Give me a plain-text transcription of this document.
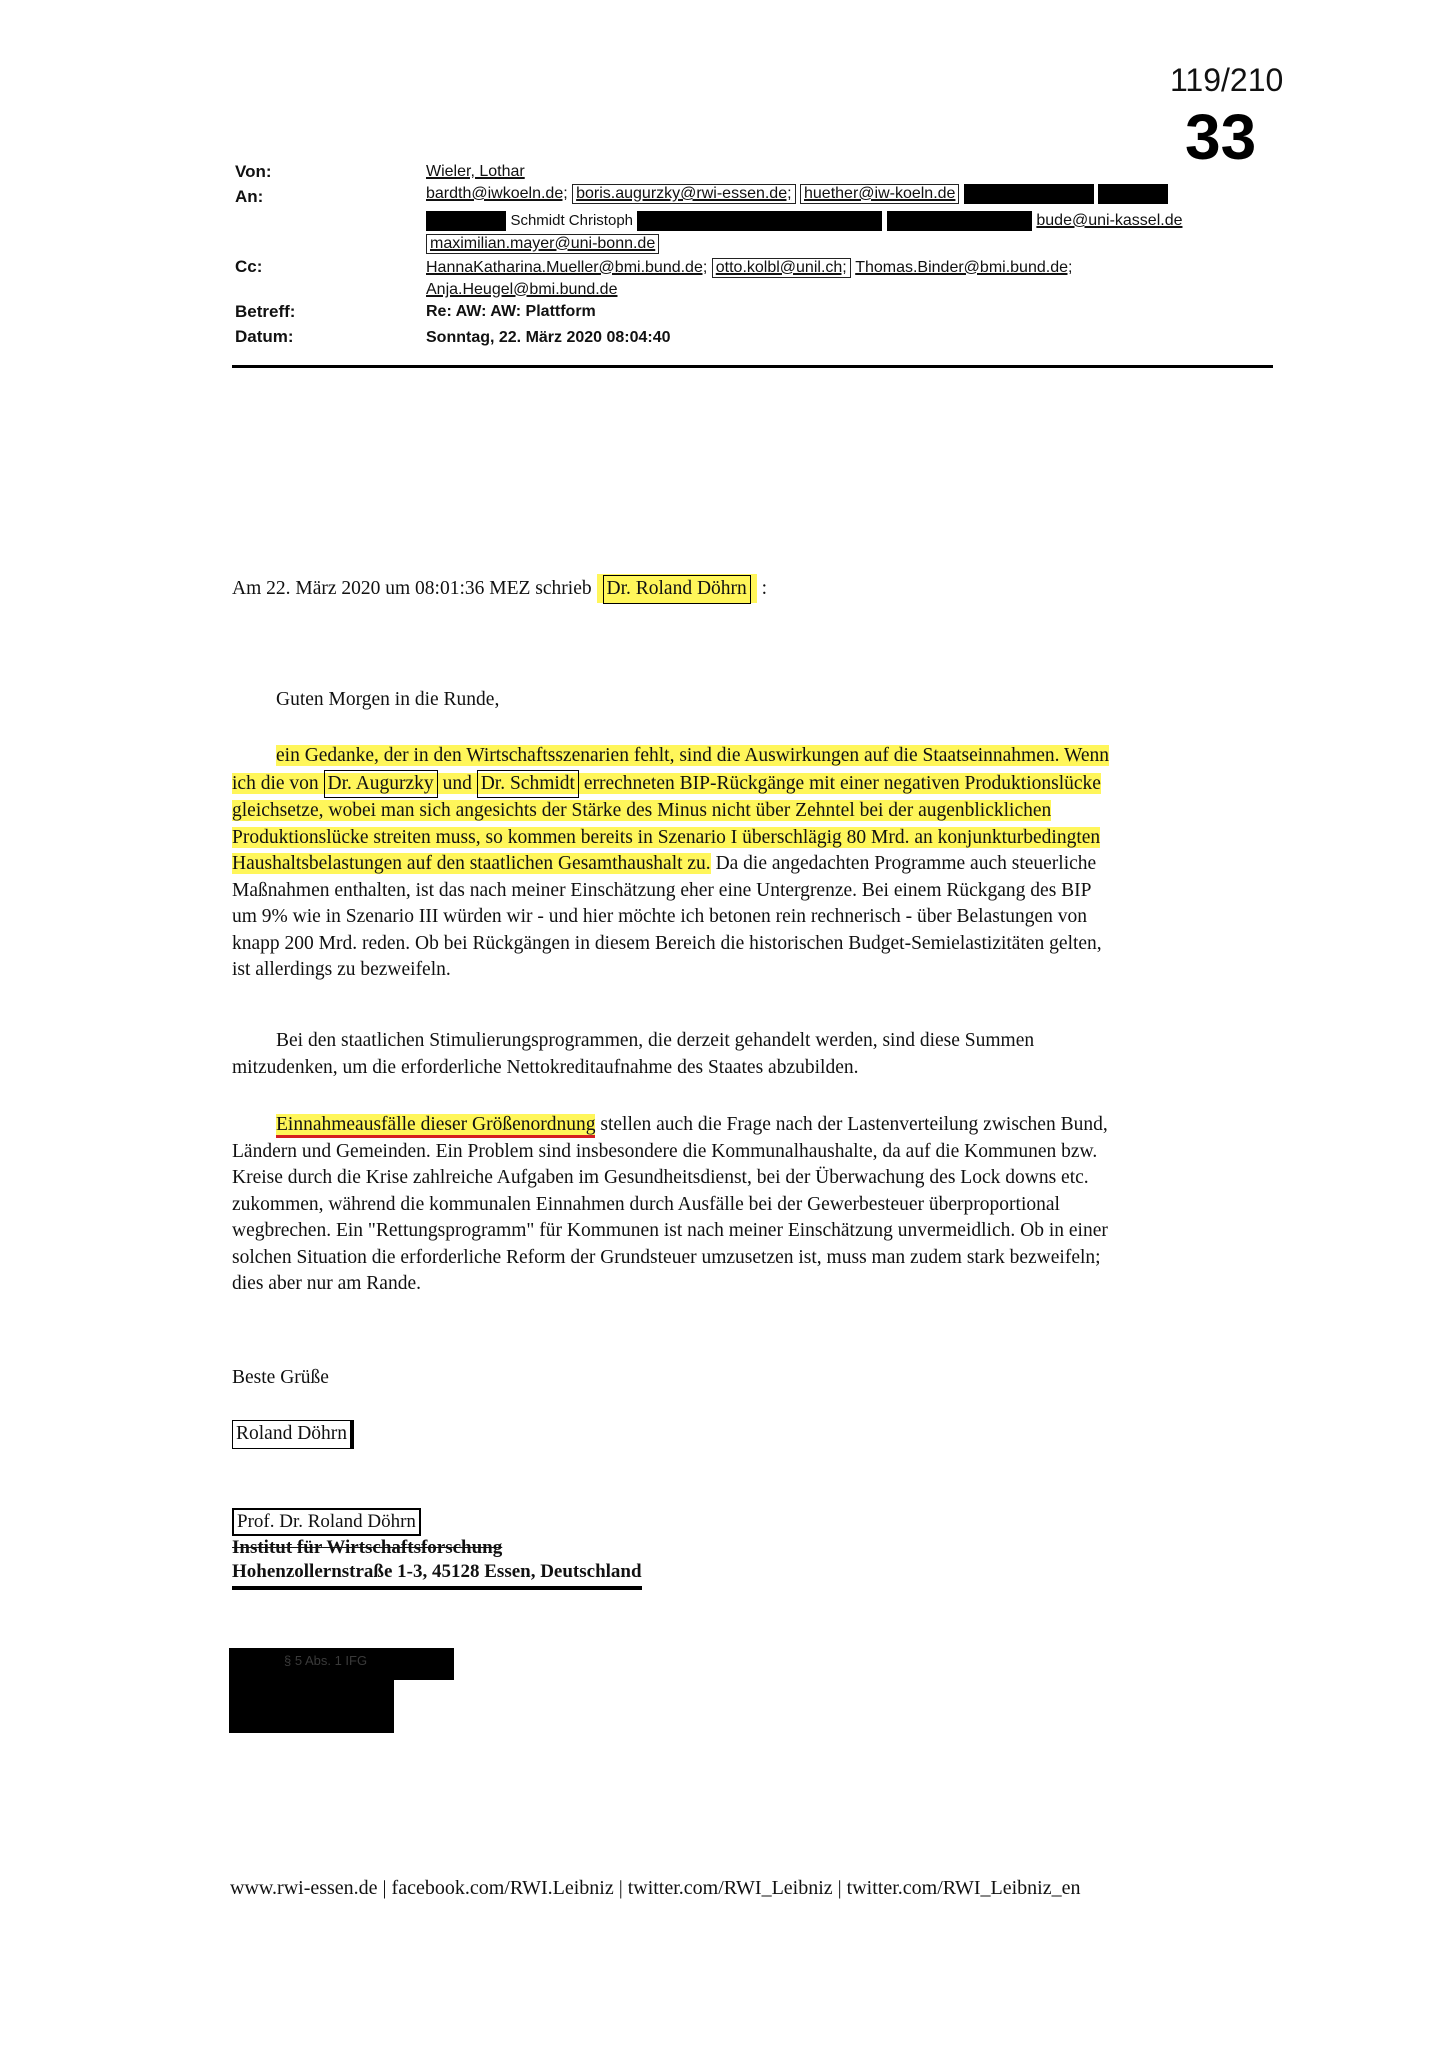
119/210
33
Von:	Wieler, Lothar
An:	bardth@iwkoeln.de; boris.augurzky@rwi-essen.de; huether@iw-koeln.de
Schmidt Christoph	bude@uni-kassel.de
maximilian.mayer@uni-bonn.de
Cc:	HannaKatharina.Mueller@bmi.bund.de; otto.kolbl@unil.ch; Thomas.Binder@bmi.bund.de;
Anja.Heugel@bmi.bund.de
Betreff:	Re: AW: AW: Plattform
Datum:	Sonntag, 22. März 2020 08:04:40
Am 22. März 2020 um 08:01:36 MEZ schrieb Dr. Roland Döhrn :
Guten Morgen in die Runde,
ein Gedanke, der in den Wirtschaftsszenarien fehlt, sind die Auswirkungen auf die Staatseinnahmen. Wenn
ich die von Dr. Augurzky und Dr. Schmidt errechneten BIP-Rückgänge mit einer negativen Produktionslücke
gleichsetze, wobei man sich angesichts der Stärke des Minus nicht über Zehntel bei der augenblicklichen
Produktionslücke streiten muss, so kommen bereits in Szenario I überschlägig 80 Mrd. an konjunkturbedingten
Haushaltsbelastungen auf den staatlichen Gesamthaushalt zu. Da die angedachten Programme auch steuerliche
Maßnahmen enthalten, ist das nach meiner Einschätzung eher eine Untergrenze. Bei einem Rückgang des BIP
um 9% wie in Szenario III würden wir - und hier möchte ich betonen rein rechnerisch - über Belastungen von
knapp 200 Mrd. reden. Ob bei Rückgängen in diesem Bereich die historischen Budget-Semielastizitäten gelten,
ist allerdings zu bezweifeln.
Bei den staatlichen Stimulierungsprogrammen, die derzeit gehandelt werden, sind diese Summen
mitzudenken, um die erforderliche Nettokreditaufnahme des Staates abzubilden.
Einnahmeausfälle dieser Größenordnung stellen auch die Frage nach der Lastenverteilung zwischen Bund,
Ländern und Gemeinden. Ein Problem sind insbesondere die Kommunalhaushalte, da auf die Kommunen bzw.
Kreise durch die Krise zahlreiche Aufgaben im Gesundheitsdienst, bei der Überwachung des Lock downs etc.
zukommen, während die kommunalen Einnahmen durch Ausfälle bei der Gewerbesteuer überproportional
wegbrechen. Ein "Rettungsprogramm" für Kommunen ist nach meiner Einschätzung unvermeidlich. Ob in einer
solchen Situation die erforderliche Reform der Grundsteuer umzusetzen ist, muss man zudem stark bezweifeln;
dies aber nur am Rande.
Beste Grüße
Roland Döhrn
Prof. Dr. Roland Döhrn
Institut für Wirtschaftsforschung
Hohenzollernstraße 1-3, 45128 Essen, Deutschland
§ 5 Abs. 1 IFG
www.rwi-essen.de | facebook.com/RWI.Leibniz | twitter.com/RWI_Leibniz | twitter.com/RWI_Leibniz_en
